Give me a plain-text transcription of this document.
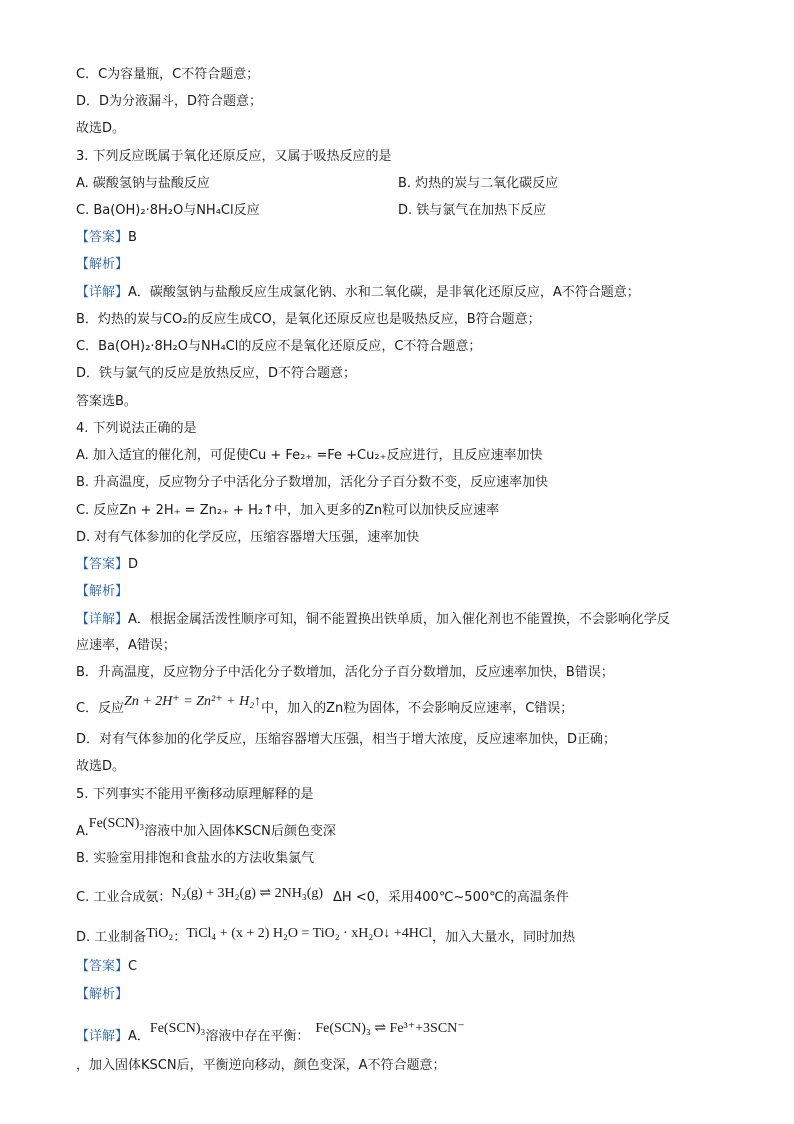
C．C为容量瓶，C不符合题意；
D．D为分液漏斗，D符合题意；
故选D。
3. 下列反应既属于氧化还原反应，又属于吸热反应的是
A. 碳酸氢钠与盐酸反应	B. 灼热的炭与二氧化碳反应
C. Ba(OH)₂·8H₂O与NH₄Cl反应	D. 铁与氯气在加热下反应
【答案】B
【解析】
【详解】A．碳酸氢钠与盐酸反应生成氯化钠、水和二氧化碳，是非氧化还原反应，A不符合题意；
B．灼热的炭与CO₂的反应生成CO，是氧化还原反应也是吸热反应，B符合题意；
C．Ba(OH)₂·8H₂O与NH₄Cl的反应不是氧化还原反应，C不符合题意；
D．铁与氯气的反应是放热反应，D不符合题意；
答案选B。
4. 下列说法正确的是
A. 加入适宜的催化剂，可促使Cu + Fe₂₊ =Fe +Cu₂₊反应进行，且反应速率加快
B. 升高温度，反应物分子中活化分子数增加，活化分子百分数不变，反应速率加快
C. 反应Zn + 2H₊ = Zn₂₊ + H₂↑中，加入更多的Zn粒可以加快反应速率
D. 对有气体参加的化学反应，压缩容器增大压强，速率加快
【答案】D
【解析】
【详解】A．根据金属活泼性顺序可知，铜不能置换出铁单质，加入催化剂也不能置换，不会影响化学反
应速率，A错误；
B．升高温度，反应物分子中活化分子数增加，活化分子百分数增加，反应速率加快，B错误；
C．反应Zn + 2H⁺ = Zn²⁺ + H₂↑中，加入的Zn粒为固体，不会影响反应速率，C错误；
D．对有气体参加的化学反应，压缩容器增大压强，相当于增大浓度，反应速率加快，D正确；
故选D。
5. 下列事实不能用平衡移动原理解释的是
A.Fe(SCN)₃溶液中加入固体KSCN后颜色变深
B. 实验室用排饱和食盐水的方法收集氯气
C. 工业合成氨：N₂(g) + 3H₂(g) ⇌ 2NH₃(g) ΔH <0，采用400℃~500℃的高温条件
D. 工业制备TiO₂：TiCl₄ + (x + 2) H₂O = TiO₂ · xH₂O↓ +4HCl，加入大量水，同时加热
【答案】C
【解析】
【详解】A．Fe(SCN)₃溶液中存在平衡：Fe(SCN)₃ ⇌ Fe³⁺+3SCN⁻
，加入固体KSCN后，平衡逆向移动，颜色变深，A不符合题意；
